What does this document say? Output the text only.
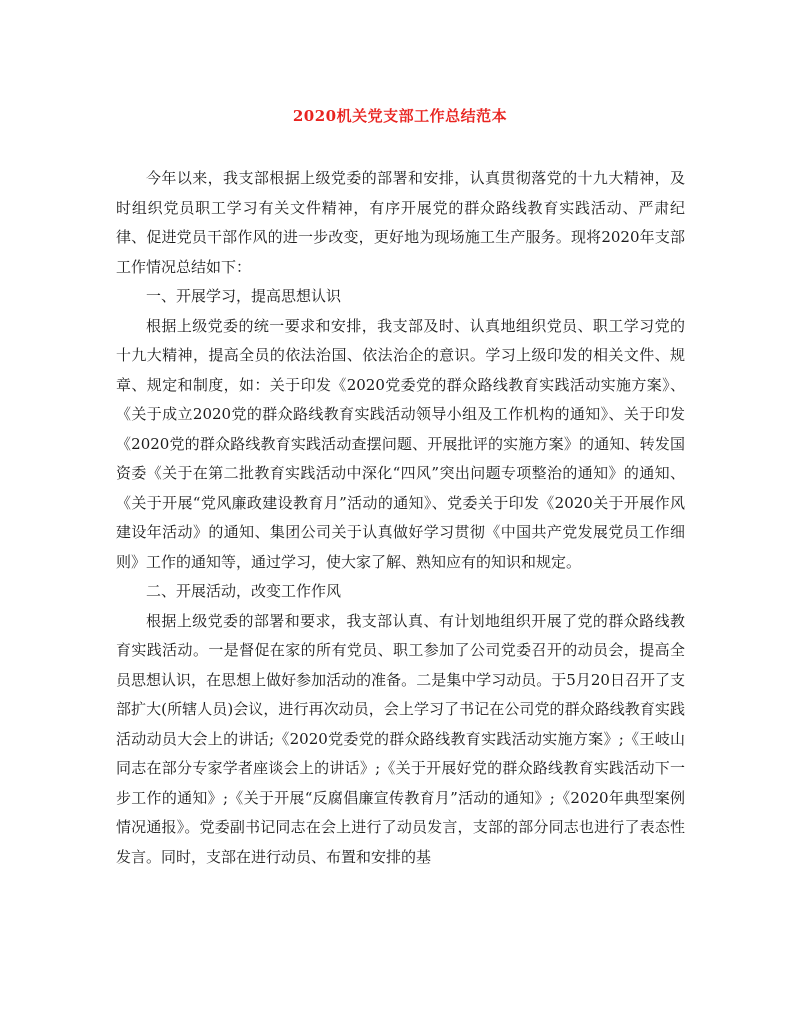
2020机关党支部工作总结范本

今年以来，我支部根据上级党委的部署和安排，认真贯彻落党的十九大精神，及时组织党员职工学习有关文件精神，有序开展党的群众路线教育实践活动、严肃纪律、促进党员干部作风的进一步改变，更好地为现场施工生产服务。现将2020年支部工作情况总结如下：

一、开展学习，提高思想认识

根据上级党委的统一要求和安排，我支部及时、认真地组织党员、职工学习党的十九大精神，提高全员的依法治国、依法治企的意识。学习上级印发的相关文件、规章、规定和制度，如：关于印发《2020党委党的群众路线教育实践活动实施方案》、《关于成立2020党的群众路线教育实践活动领导小组及工作机构的通知》、关于印发《2020党的群众路线教育实践活动查摆问题、开展批评的实施方案》的通知、转发国资委《关于在第二批教育实践活动中深化“四风”突出问题专项整治的通知》的通知、《关于开展“党风廉政建设教育月”活动的通知》、党委关于印发《2020关于开展作风建设年活动》的通知、集团公司关于认真做好学习贯彻《中国共产党发展党员工作细则》工作的通知等，通过学习，使大家了解、熟知应有的知识和规定。

二、开展活动，改变工作作风

根据上级党委的部署和要求，我支部认真、有计划地组织开展了党的群众路线教育实践活动。一是督促在家的所有党员、职工参加了公司党委召开的动员会，提高全员思想认识，在思想上做好参加活动的准备。二是集中学习动员。于5月20日召开了支部扩大(所辖人员)会议，进行再次动员，会上学习了书记在公司党的群众路线教育实践活动动员大会上的讲话;《2020党委党的群众路线教育实践活动实施方案》;《王岐山同志在部分专家学者座谈会上的讲话》;《关于开展好党的群众路线教育实践活动下一步工作的通知》;《关于开展“反腐倡廉宣传教育月”活动的通知》;《2020年典型案例情况通报》。党委副书记同志在会上进行了动员发言，支部的部分同志也进行了表态性发言。同时，支部在进行动员、布置和安排的基
